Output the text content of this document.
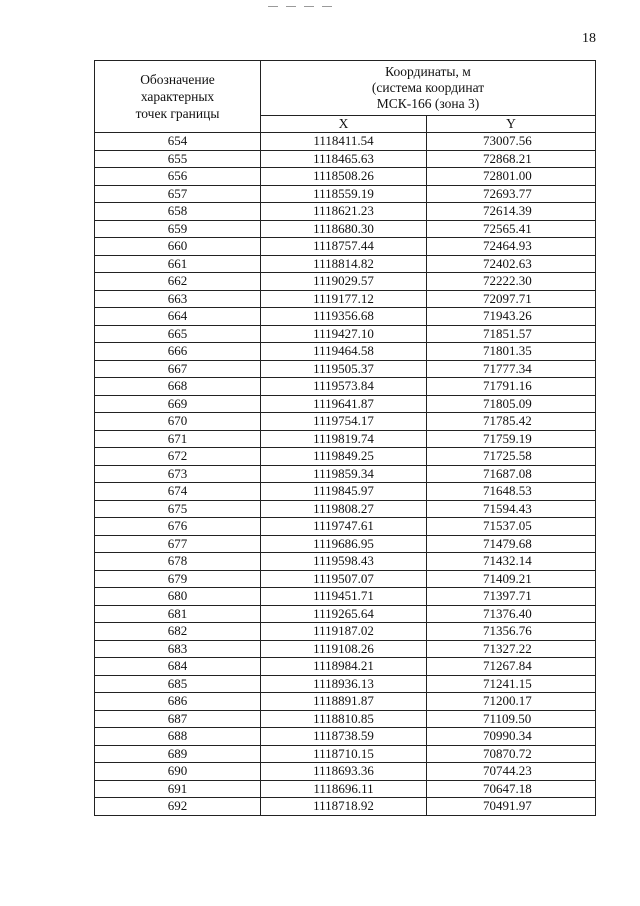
18
Обозначение
характерных
точек границы	Координаты, м
(система координат
МСК-166 (зона 3)	

	X	Y
654	1118411.54	73007.56
655	1118465.63	72868.21
656	1118508.26	72801.00
657	1118559.19	72693.77
658	1118621.23	72614.39
659	1118680.30	72565.41
660	1118757.44	72464.93
661	1118814.82	72402.63
662	1119029.57	72222.30
663	1119177.12	72097.71
664	1119356.68	71943.26
665	1119427.10	71851.57
666	1119464.58	71801.35
667	1119505.37	71777.34
668	1119573.84	71791.16
669	1119641.87	71805.09
670	1119754.17	71785.42
671	1119819.74	71759.19
672	1119849.25	71725.58
673	1119859.34	71687.08
674	1119845.97	71648.53
675	1119808.27	71594.43
676	1119747.61	71537.05
677	1119686.95	71479.68
678	1119598.43	71432.14
679	1119507.07	71409.21
680	1119451.71	71397.71
681	1119265.64	71376.40
682	1119187.02	71356.76
683	1119108.26	71327.22
684	1118984.21	71267.84
685	1118936.13	71241.15
686	1118891.87	71200.17
687	1118810.85	71109.50
688	1118738.59	70990.34
689	1118710.15	70870.72
690	1118693.36	70744.23
691	1118696.11	70647.18
692	1118718.92	70491.97
